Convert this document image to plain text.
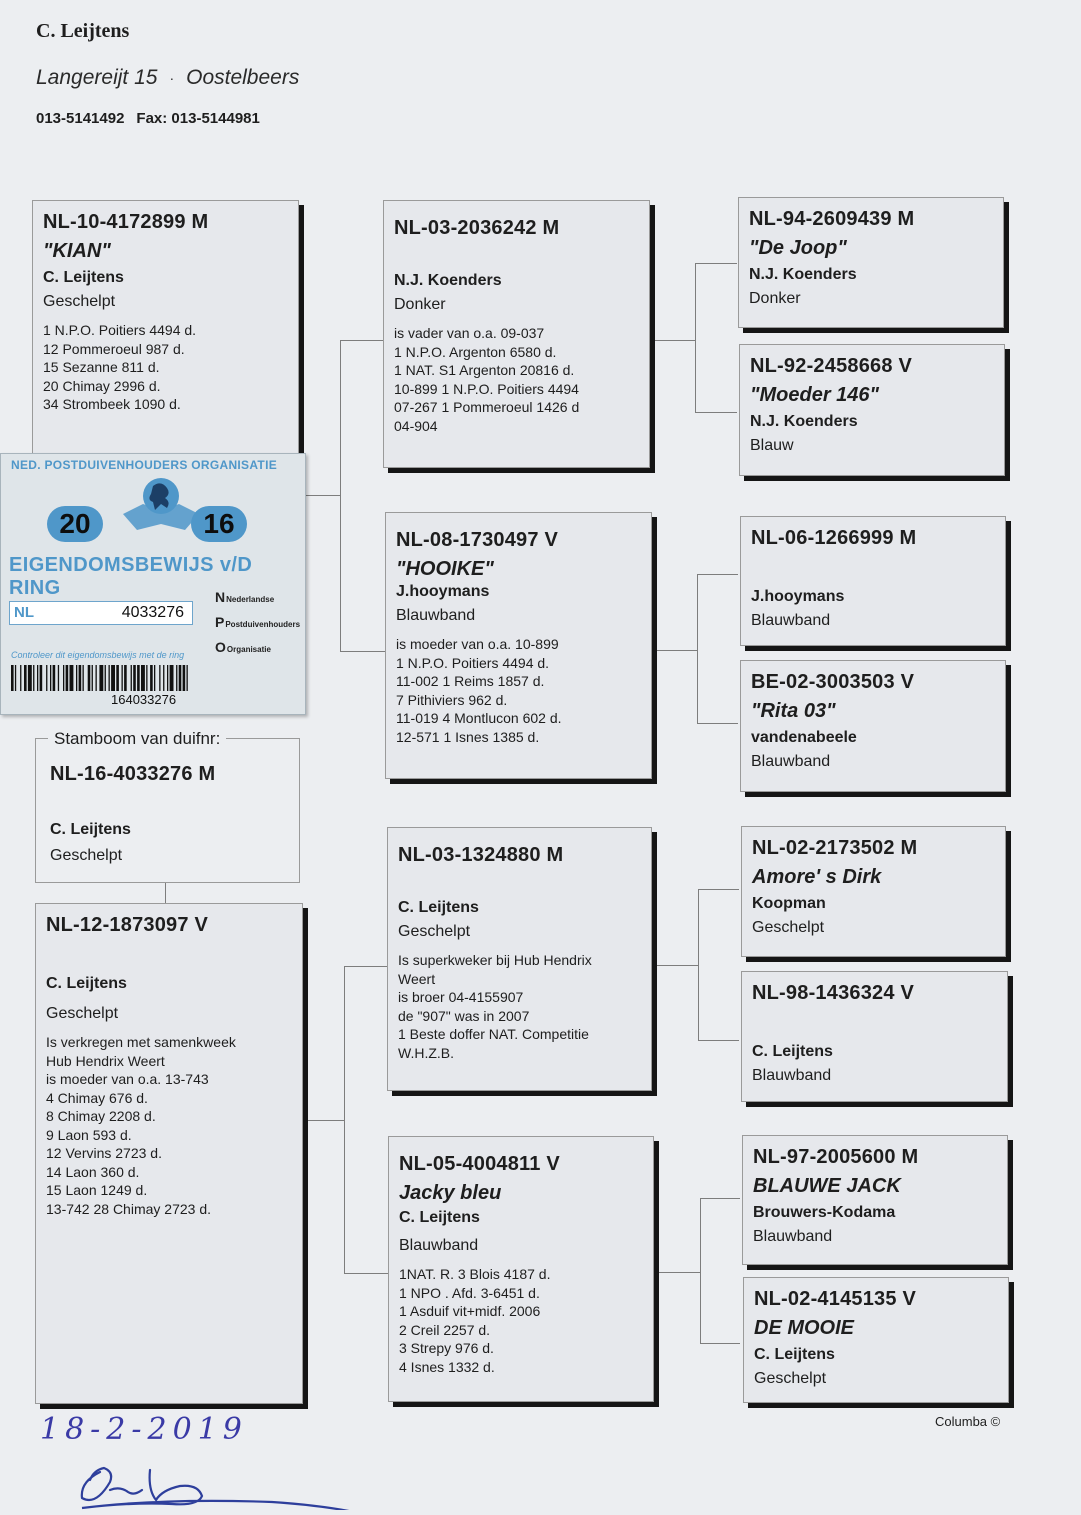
C. Leijtens
Langereijt 15 · Oostelbeers
013-5141492 Fax: 013-5144981
NL-10-4172899 M
"KIAN"
C. Leijtens
Geschelpt
1 N.P.O. Poitiers 4494 d.
12 Pommeroeul 987 d.
15 Sezanne 811 d.
20 Chimay 2996 d.
34 Strombeek 1090 d.
NL-12-1873097 V
C. Leijtens
Geschelpt
Is verkregen met samenkweek
Hub Hendrix Weert
is moeder van o.a. 13-743
4 Chimay 676 d.
8 Chimay 2208 d.
9 Laon 593 d.
12 Vervins 2723 d.
14 Laon 360 d.
15 Laon 1249 d.
13-742 28 Chimay 2723 d.
NED. POSTDUIVENHOUDERS ORGANISATIE
20	16
EIGENDOMSBEWIJS v/D RING
NL	4033276
NNederlandse
PPostduivenhouders
OOrganisatie
Controleer dit eigendomsbewijs met de ring
164033276
Stamboom van duifnr:
NL-16-4033276 M
C. Leijtens
Geschelpt
NL-03-2036242 M
N.J. Koenders
Donker
is vader van o.a. 09-037
1 N.P.O. Argenton 6580 d.
1 NAT. S1 Argenton 20816 d.
10-899 1 N.P.O. Poitiers 4494
07-267 1 Pommeroeul 1426 d
04-904
NL-08-1730497 V
"HOOIKE"
J.hooymans
Blauwband
is moeder van o.a. 10-899
1 N.P.O. Poitiers 4494 d.
11-002 1 Reims 1857 d.
7 Pithiviers 962 d.
11-019 4 Montlucon 602 d.
12-571 1 Isnes 1385 d.
NL-03-1324880 M
C. Leijtens
Geschelpt
Is superkweker bij Hub Hendrix
Weert
is broer 04-4155907
de "907" was in 2007
1 Beste doffer NAT. Competitie
W.H.Z.B.
NL-05-4004811 V
Jacky bleu
C. Leijtens
Blauwband
1NAT. R. 3 Blois 4187 d.
1 NPO . Afd. 3-6451 d.
1 Asduif vit+midf. 2006
2 Creil 2257 d.
3 Strepy 976 d.
4 Isnes 1332 d.
NL-94-2609439 M
"De Joop"
N.J. Koenders
Donker
NL-92-2458668 V
"Moeder 146"
N.J. Koenders
Blauw
NL-06-1266999 M
J.hooymans
Blauwband
BE-02-3003503 V
"Rita 03"
vandenabeele
Blauwband
NL-02-2173502 M
Amore' s Dirk
Koopman
Geschelpt
NL-98-1436324 V
C. Leijtens
Blauwband
NL-97-2005600 M
BLAUWE JACK
Brouwers-Kodama
Blauwband
NL-02-4145135 V
DE MOOIE
C. Leijtens
Geschelpt
18-2-2019	Columba ©
